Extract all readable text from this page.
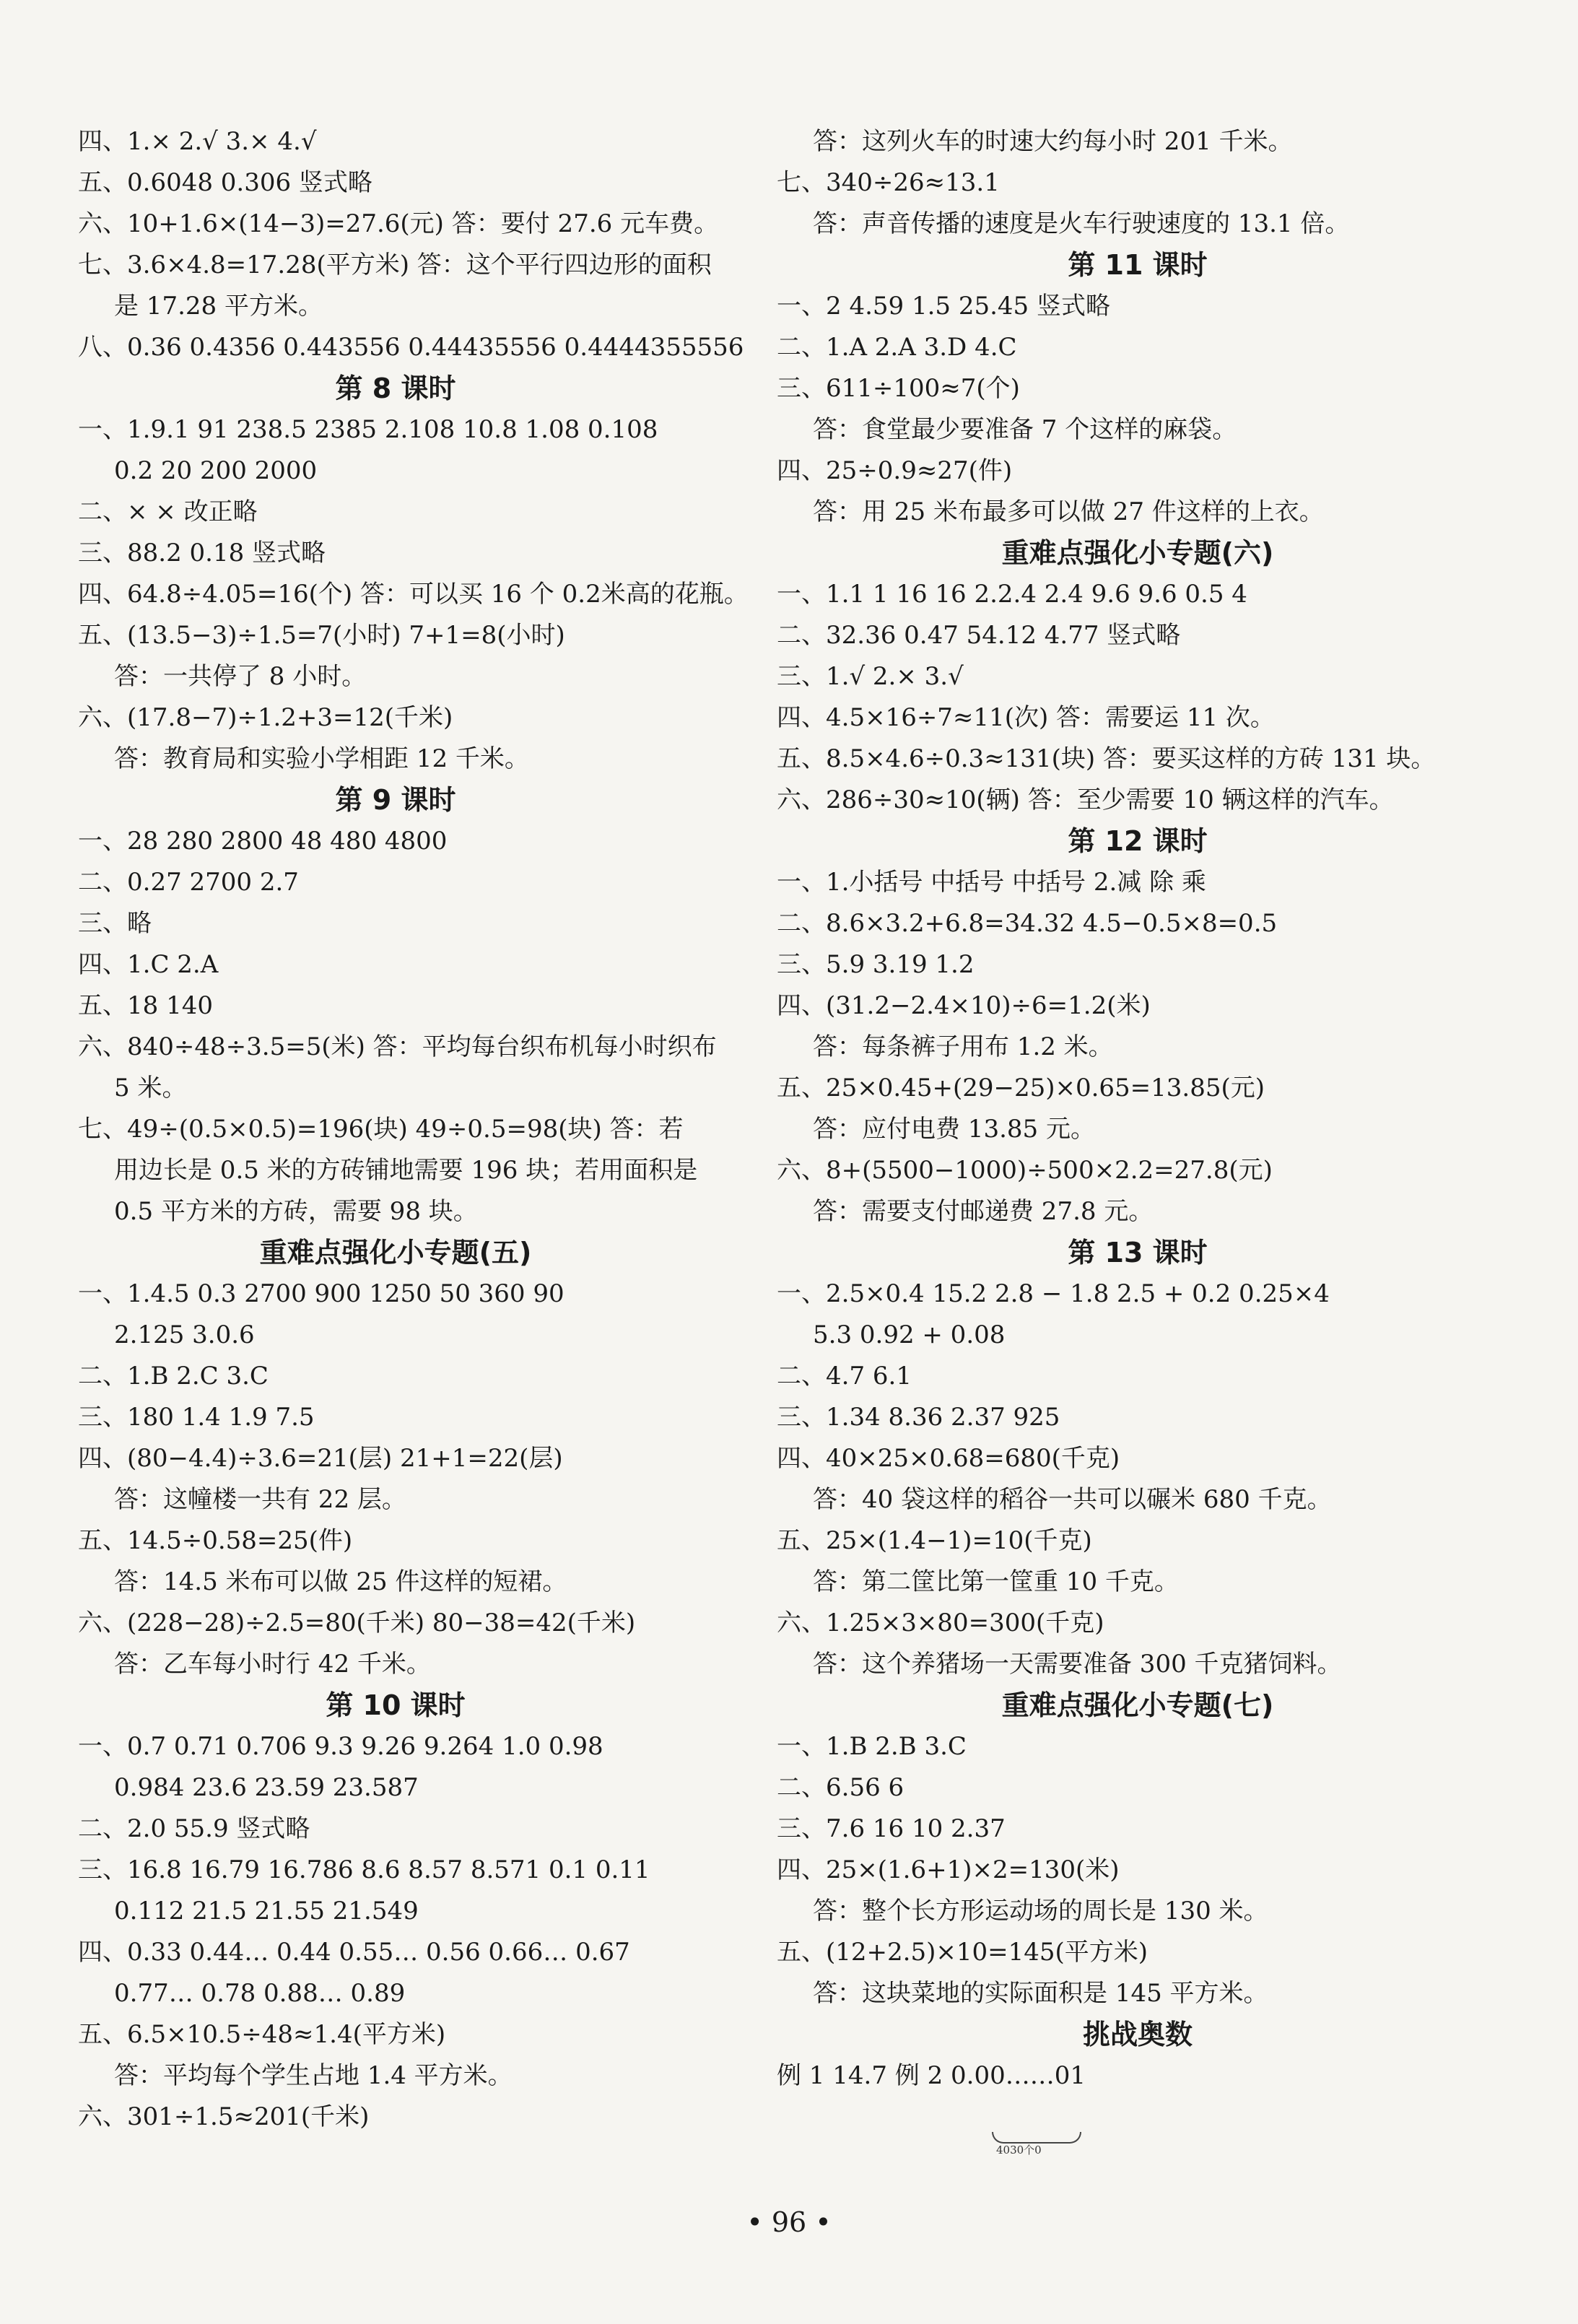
四、1.× 2.√ 3.× 4.√
五、0.6048 0.306 竖式略
六、10+1.6×(14−3)=27.6(元) 答：要付 27.6 元车费。
七、3.6×4.8=17.28(平方米) 答：这个平行四边形的面积
是 17.28 平方米。
八、0.36 0.4356 0.443556 0.44435556 0.4444355556
第 8 课时
一、1.9.1 91 238.5 2385 2.108 10.8 1.08 0.108
0.2 20 200 2000
二、× × 改正略
三、88.2 0.18 竖式略
四、64.8÷4.05=16(个) 答：可以买 16 个 0.2米高的花瓶。
五、(13.5−3)÷1.5=7(小时) 7+1=8(小时)
答：一共停了 8 小时。
六、(17.8−7)÷1.2+3=12(千米)
答：教育局和实验小学相距 12 千米。
第 9 课时
一、28 280 2800 48 480 4800
二、0.27 2700 2.7
三、略
四、1.C 2.A
五、18 140
六、840÷48÷3.5=5(米) 答：平均每台织布机每小时织布
5 米。
七、49÷(0.5×0.5)=196(块) 49÷0.5=98(块) 答：若
用边长是 0.5 米的方砖铺地需要 196 块；若用面积是
0.5 平方米的方砖，需要 98 块。
重难点强化小专题(五)
一、1.4.5 0.3 2700 900 1250 50 360 90
2.125 3.0.6
二、1.B 2.C 3.C
三、180 1.4 1.9 7.5
四、(80−4.4)÷3.6=21(层) 21+1=22(层)
答：这幢楼一共有 22 层。
五、14.5÷0.58=25(件)
答：14.5 米布可以做 25 件这样的短裙。
六、(228−28)÷2.5=80(千米) 80−38=42(千米)
答：乙车每小时行 42 千米。
第 10 课时
一、0.7 0.71 0.706 9.3 9.26 9.264 1.0 0.98
0.984 23.6 23.59 23.587
二、2.0 55.9 竖式略
三、16.8 16.79 16.786 8.6 8.57 8.571 0.1 0.11
0.112 21.5 21.55 21.549
四、0.33 0.44… 0.44 0.55… 0.56 0.66… 0.67
0.77… 0.78 0.88… 0.89
五、6.5×10.5÷48≈1.4(平方米)
答：平均每个学生占地 1.4 平方米。
六、301÷1.5≈201(千米)
答：这列火车的时速大约每小时 201 千米。
七、340÷26≈13.1
答：声音传播的速度是火车行驶速度的 13.1 倍。
第 11 课时
一、2 4.59 1.5 25.45 竖式略
二、1.A 2.A 3.D 4.C
三、611÷100≈7(个)
答：食堂最少要准备 7 个这样的麻袋。
四、25÷0.9≈27(件)
答：用 25 米布最多可以做 27 件这样的上衣。
重难点强化小专题(六)
一、1.1 1 16 16 2.2.4 2.4 9.6 9.6 0.5 4
二、32.36 0.47 54.12 4.77 竖式略
三、1.√ 2.× 3.√
四、4.5×16÷7≈11(次) 答：需要运 11 次。
五、8.5×4.6÷0.3≈131(块) 答：要买这样的方砖 131 块。
六、286÷30≈10(辆) 答：至少需要 10 辆这样的汽车。
第 12 课时
一、1.小括号 中括号 中括号 2.减 除 乘
二、8.6×3.2+6.8=34.32 4.5−0.5×8=0.5
三、5.9 3.19 1.2
四、(31.2−2.4×10)÷6=1.2(米)
答：每条裤子用布 1.2 米。
五、25×0.45+(29−25)×0.65=13.85(元)
答：应付电费 13.85 元。
六、8+(5500−1000)÷500×2.2=27.8(元)
答：需要支付邮递费 27.8 元。
第 13 课时
一、2.5×0.4 15.2 2.8 − 1.8 2.5 + 0.2 0.25×4
5.3 0.92 + 0.08
二、4.7 6.1
三、1.34 8.36 2.37 925
四、40×25×0.68=680(千克)
答：40 袋这样的稻谷一共可以碾米 680 千克。
五、25×(1.4−1)=10(千克)
答：第二筐比第一筐重 10 千克。
六、1.25×3×80=300(千克)
答：这个养猪场一天需要准备 300 千克猪饲料。
重难点强化小专题(七)
一、1.B 2.B 3.C
二、6.56 6
三、7.6 16 10 2.37
四、25×(1.6+1)×2=130(米)
答：整个长方形运动场的周长是 130 米。
五、(12+2.5)×10=145(平方米)
答：这块菜地的实际面积是 145 平方米。
挑战奥数
例 1 14.7 例 2 0.00……01
4030个0
• 96 •
